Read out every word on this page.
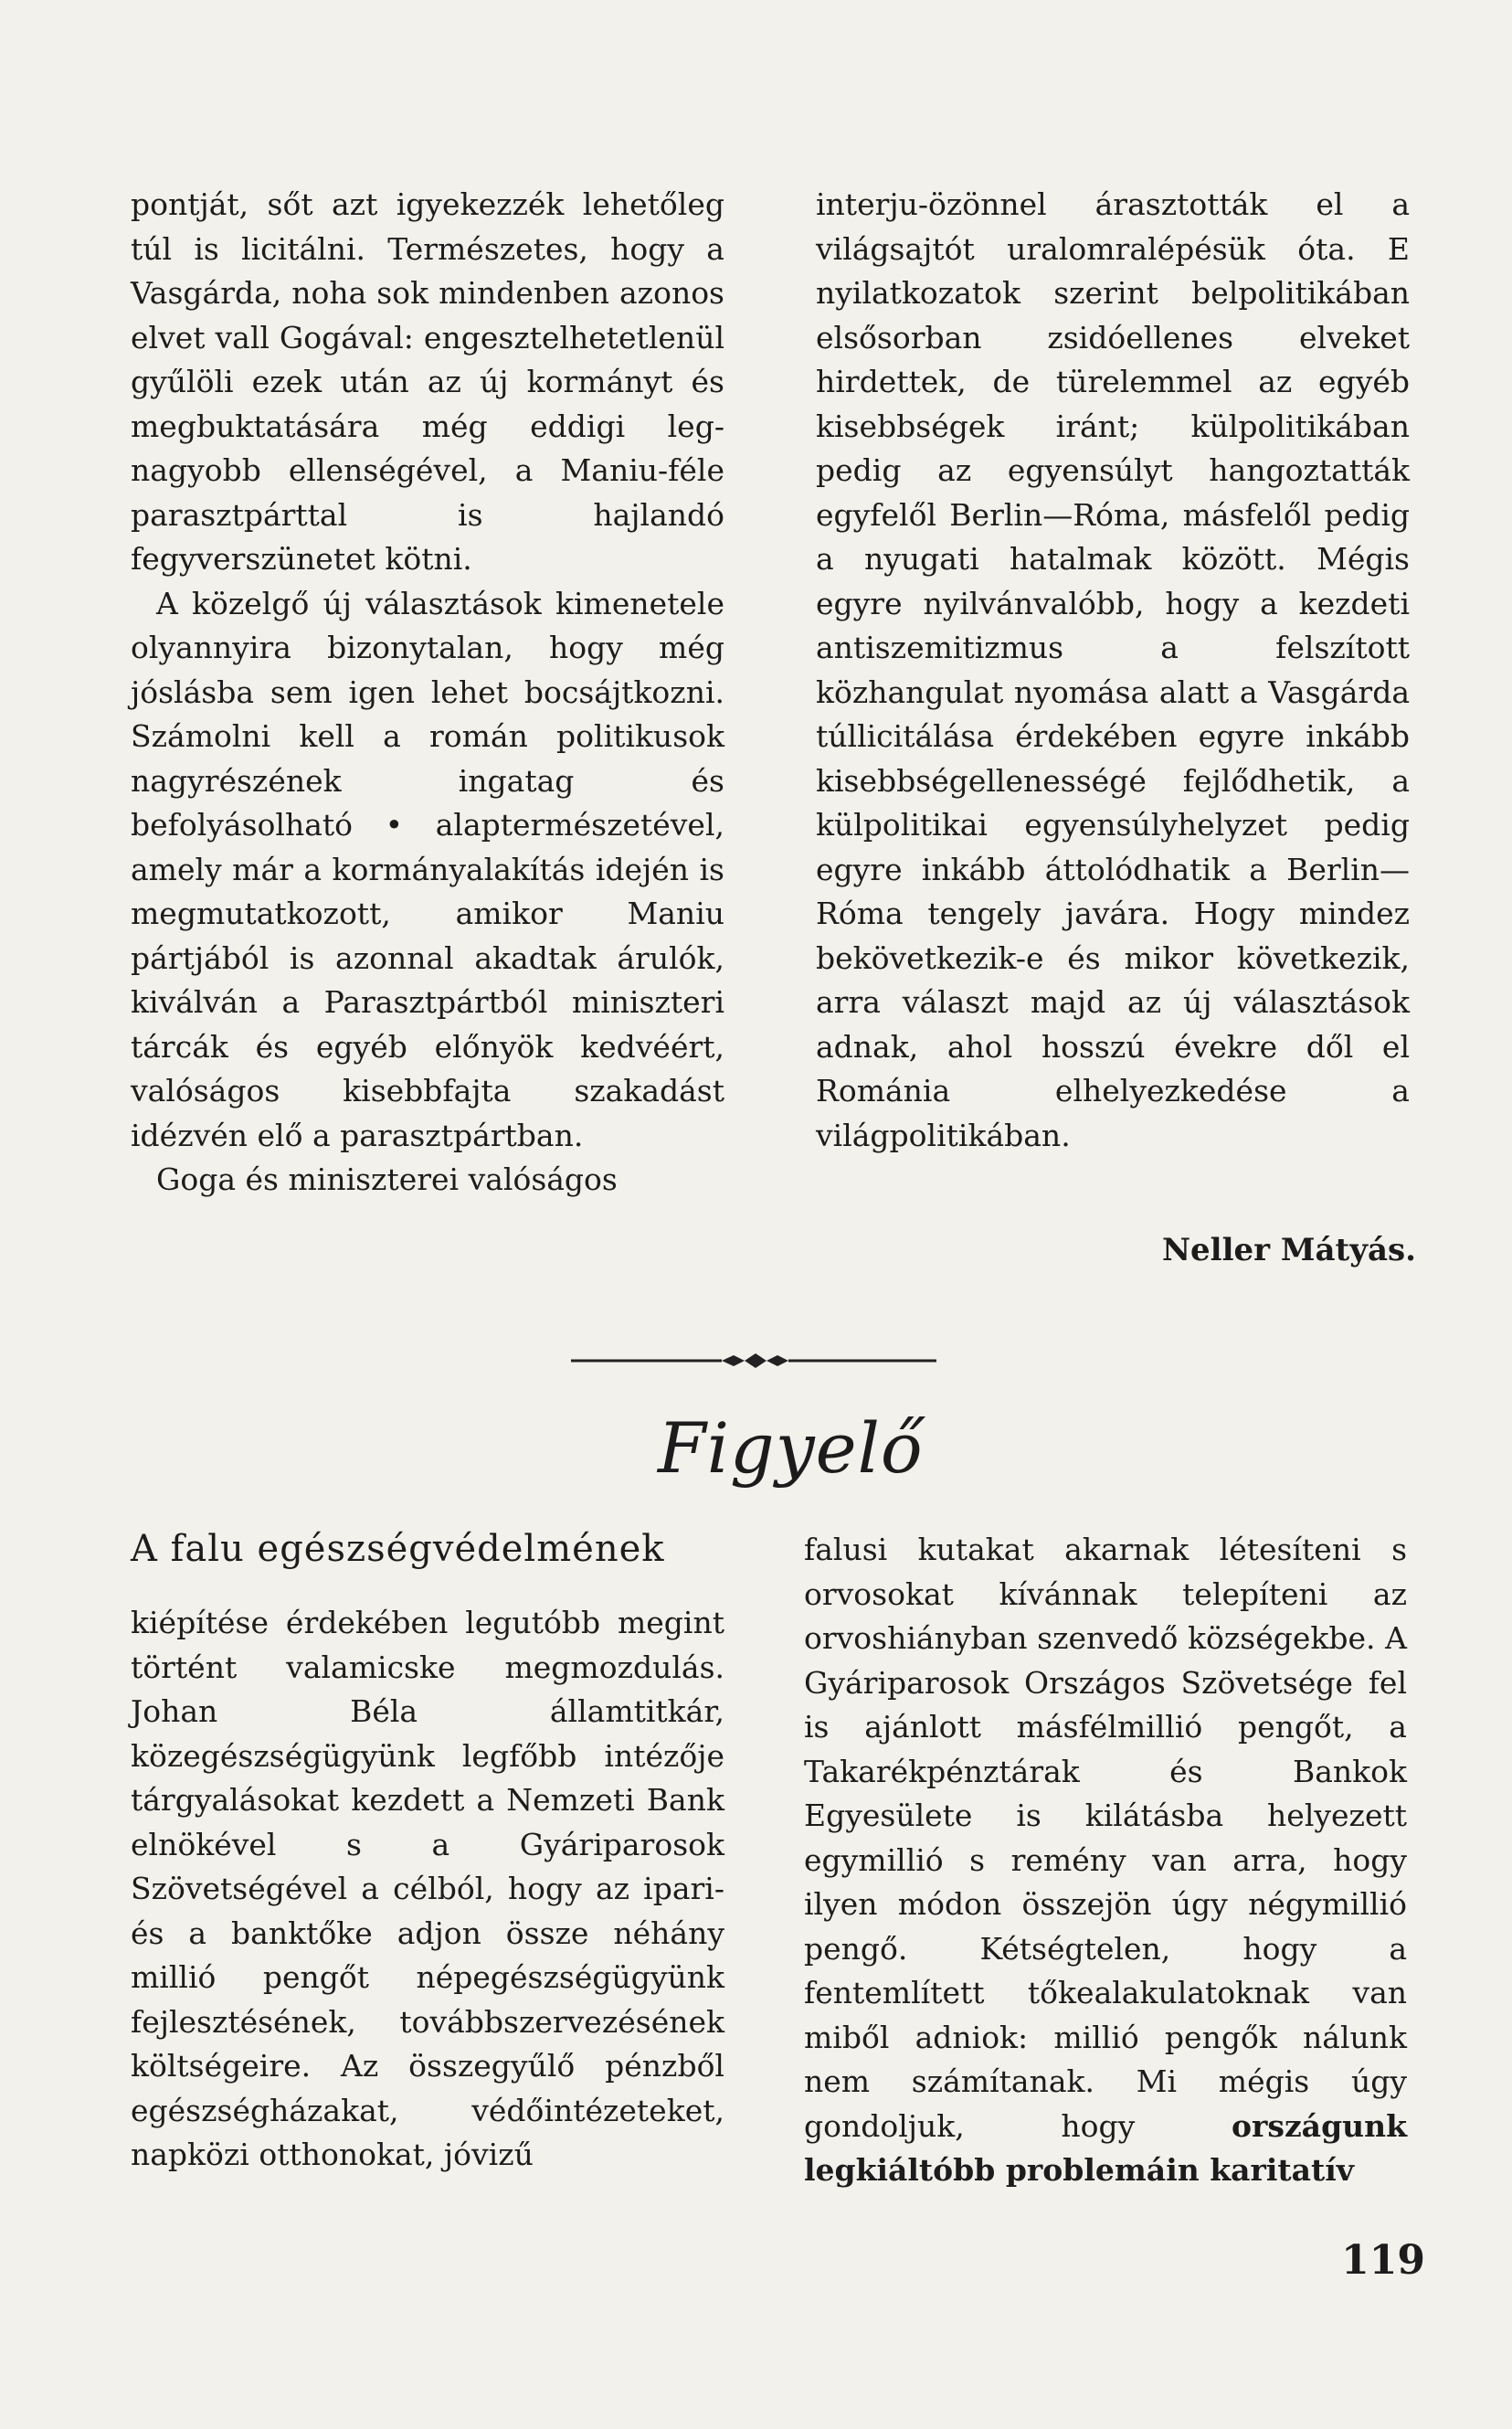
pontját, sőt azt igyekezzék lehetőleg túl is licitálni. Természetes, hogy a Vasgárda, noha sok mindenben azonos elvet vall Gogával: engesztelhetetlenül gyűlöli ezek után az új kormányt és megbuktatására még eddigi leg-nagyobb ellenségével, a Maniu-féle parasztpárttal is hajlandó fegyverszünetet kötni.

A közelgő új választások kimenetele olyannyira bizonytalan, hogy még jóslásba sem igen lehet bocsájtkozni. Számolni kell a román politikusok nagyrészének ingatag és befolyásolható • alaptermészetével, amely már a kormányalakítás idején is megmutatkozott, amikor Maniu pártjából is azonnal akadtak árulók, kiválván a Parasztpártból miniszteri tárcák és egyéb előnyök kedvéért, valóságos kisebbfajta szakadást idézvén elő a parasztpártban.

Goga és miniszterei valóságos

interju-özönnel árasztották el a világsajtót uralomralépésük óta. E nyilatkozatok szerint belpolitikában elsősorban zsidóellenes elveket hirdettek, de türelemmel az egyéb kisebbségek iránt; külpolitikában pedig az egyensúlyt hangoztatták egyfelől Berlin—Róma, másfelől pedig a nyugati hatalmak között. Mégis egyre nyilvánvalóbb, hogy a kezdeti antiszemitizmus a felszított közhangulat nyomása alatt a Vasgárda túllicitálása érdekében egyre inkább kisebbségellenességé fejlődhetik, a külpolitikai egyensúlyhelyzet pedig egyre inkább áttolódhatik a Berlin—Róma tengely javára. Hogy mindez bekövetkezik-e és mikor következik, arra választ majd az új választások adnak, ahol hosszú évekre dől el Románia elhelyezkedése a világpolitikában.

Neller Mátyás.
Figyelő
A falu egészségvédelmének

kiépítése érdekében legutóbb megint történt valamicske megmozdulás. Johan Béla államtitkár, közegészségügyünk legfőbb intézője tárgyalásokat kezdett a Nemzeti Bank elnökével s a Gyáriparosok Szövetségével a célból, hogy az ipari- és a banktőke adjon össze néhány millió pengőt népegészségügyünk fejlesztésének, továbbszervezésének költségeire. Az összegyűlő pénzből egészségházakat, védőintézeteket, napközi otthonokat, jóvizű

falusi kutakat akarnak létesíteni s orvosokat kívánnak telepíteni az orvoshiányban szenvedő községekbe. A Gyáriparosok Országos Szövetsége fel is ajánlott másfélmillió pengőt, a Takarékpénztárak és Bankok Egyesülete is kilátásba helyezett egymillió s remény van arra, hogy ilyen módon összejön úgy négymillió pengő. Kétségtelen, hogy a fentemlített tőkealakulatoknak van miből adniok: millió pengők nálunk nem számítanak. Mi mégis úgy gondoljuk, hogy	országunk legkiáltóbb problemáin karitatív

119
